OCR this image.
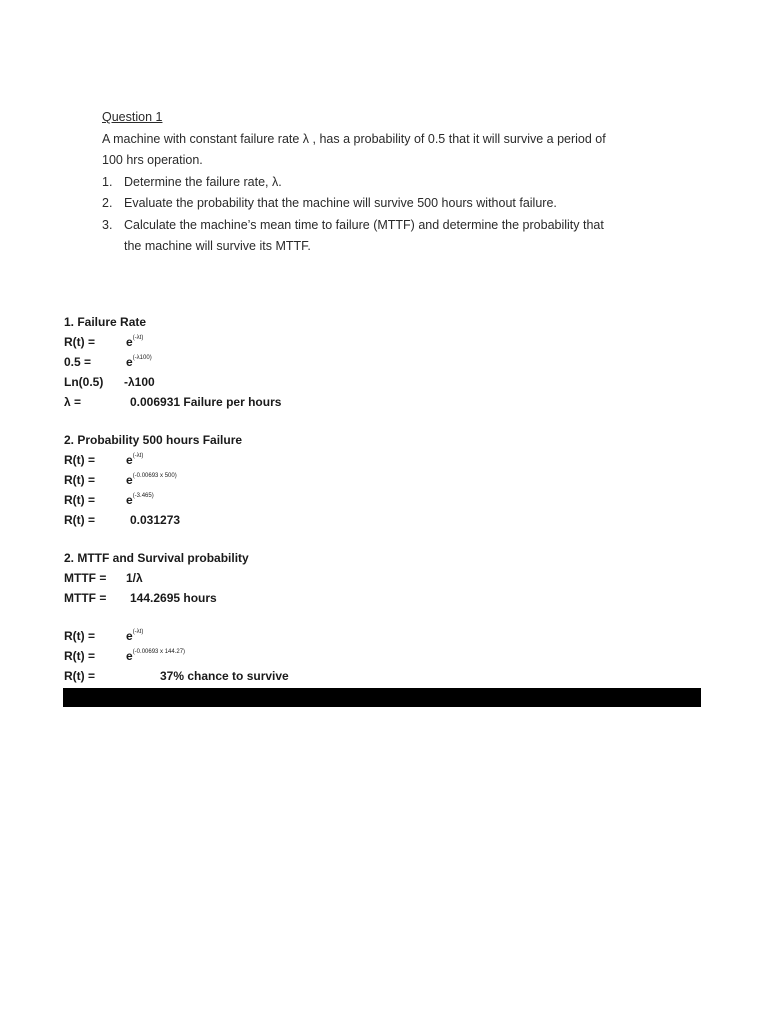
Question 1
A machine with constant failure rate λ , has a probability of 0.5 that it will survive a period of
100 hrs operation.
1. Determine the failure rate, λ.
2. Evaluate the probability that the machine will survive 500 hours without failure.
3. Calculate the machine’s mean time to failure (MTTF) and determine the probability that
the machine will survive its MTTF.
1. Failure Rate
R(t) =	$e^{(-\lambda t)}$
0.5 =	$e^{(-\lambda 100)}$
Ln(0.5) -λ100
λ =	0.006931 Failure per hours
2. Probability 500 hours Failure
R(t) =	$e^{(-\lambda t)}$
R(t) =	$e^{(-0.00693 x 500)}$
R(t) =	$e^{(-3.465)}$
R(t) =	0.031273
2. MTTF and Survival probability
MTTF = 1/λ
MTTF = 144.2695 hours
R(t) =	$e^{(-\lambda t)}$
R(t) =	$e^{(-0.00693 x 144.27)}$
R(t) =	37% chance to survive
